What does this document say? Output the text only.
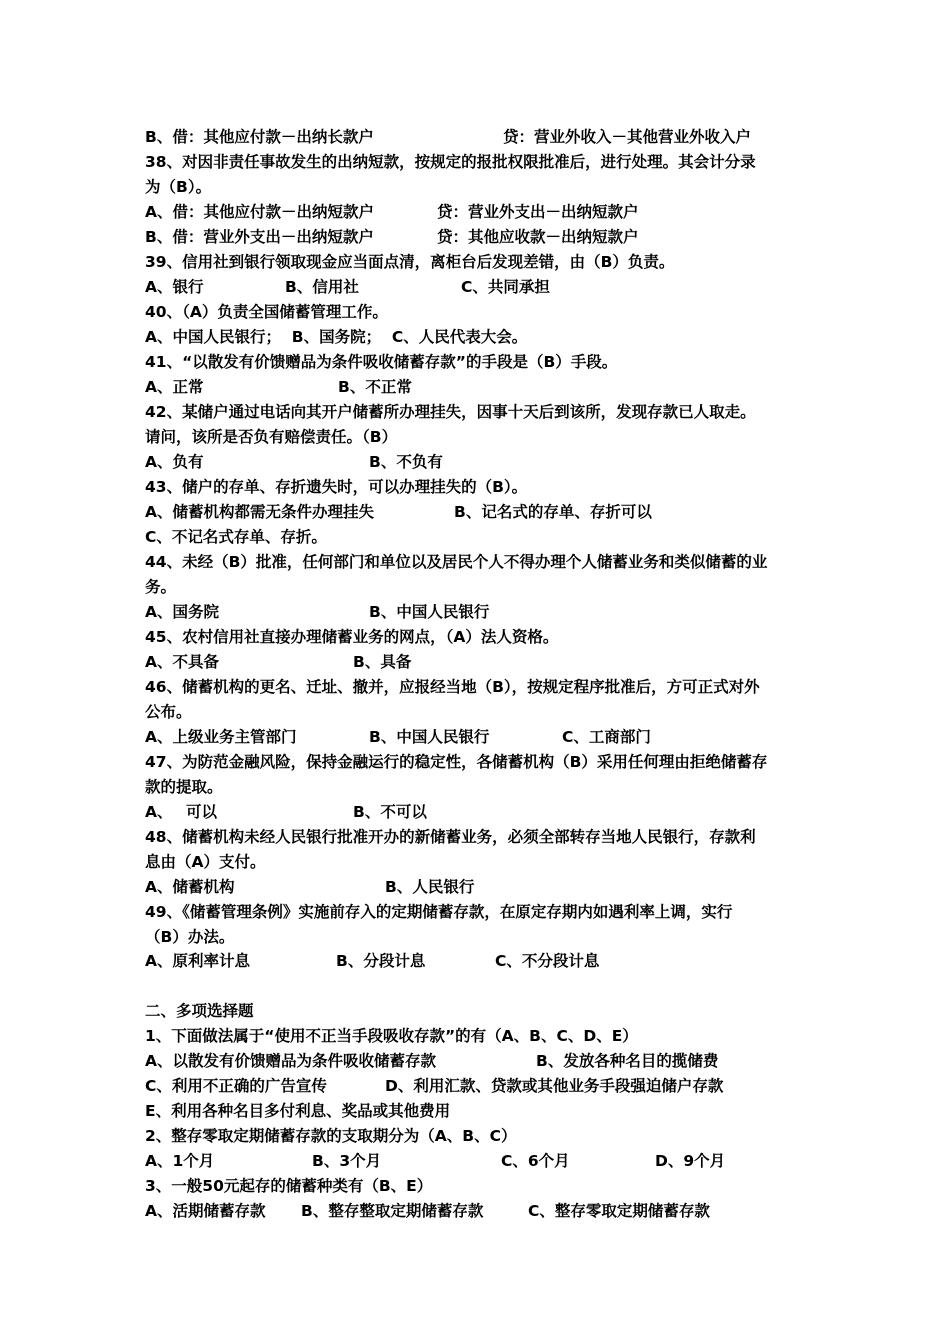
B、借：其他应付款－出纳长款户

	贷：营业外收入－其他营业外收入户

38、对因非责任事故发生的出纳短款，按规定的报批权限批准后，进行处理。其会计分录
为（B）。

A、借：其他应付款－出纳短款户

	贷：营业外支出－出纳短款户

B、借：营业外支出－出纳短款户

	贷：其他应收款－出纳短款户

39、信用社到银行领取现金应当面点清，离柜台后发现差错，由（B）负责。

A、银行

	B、信用社

	C、共同承担

40、（A）负责全国储蓄管理工作。
A、中国人民银行；  B、国务院；  C、人民代表大会。
41、“以散发有价馈赠品为条件吸收储蓄存款”的手段是（B）手段。

A、正常

	B、不正常

42、某储户通过电话向其开户储蓄所办理挂失，因事十天后到该所，发现存款已人取走。
请问，该所是否负有赔偿责任。（B）

A、负有

	B、不负有

43、储户的存单、存折遗失时，可以办理挂失的（B）。

A、储蓄机构都需无条件办理挂失

	B、记名式的存单、存折可以

C、不记名式存单、存折。
44、未经（B）批准，任何部门和单位以及居民个人不得办理个人储蓄业务和类似储蓄的业
务。

A、国务院

	B、中国人民银行

45、农村信用社直接办理储蓄业务的网点，（A）法人资格。

A、不具备

	B、具备

46、储蓄机构的更名、迁址、撤并，应报经当地（B），按规定程序批准后，方可正式对外
公布。

A、上级业务主管部门

	B、中国人民银行

	C、工商部门

47、为防范金融风险，保持金融运行的稳定性，各储蓄机构（B）采用任何理由拒绝储蓄存
款的提取。

A、

可以

	B、不可以

48、储蓄机构未经人民银行批准开办的新储蓄业务，必须全部转存当地人民银行，存款利
息由（A）支付。

A、储蓄机构

	B、人民银行

49、《储蓄管理条例》实施前存入的定期储蓄存款，在原定存期内如遇利率上调，实行
（B）办法。

A、原利率计息

	B、分段计息

	C、不分段计息

二、多项选择题
1、下面做法属于“使用不正当手段吸收存款”的有（A、B、C、D、E）

A、以散发有价馈赠品为条件吸收储蓄存款

	B、发放各种名目的揽储费

C、利用不正确的广告宣传

	D、利用汇款、贷款或其他业务手段强迫储户存款

E、利用各种名目多付利息、奖品或其他费用
2、整存零取定期储蓄存款的支取期分为（A、B、C）

A、1个月

	B、3个月

	C、6个月

	D、9个月

3、一般50元起存的储蓄种类有（B、E）

A、活期储蓄存款

B、整存整取定期储蓄存款

	C、整存零取定期储蓄存款
